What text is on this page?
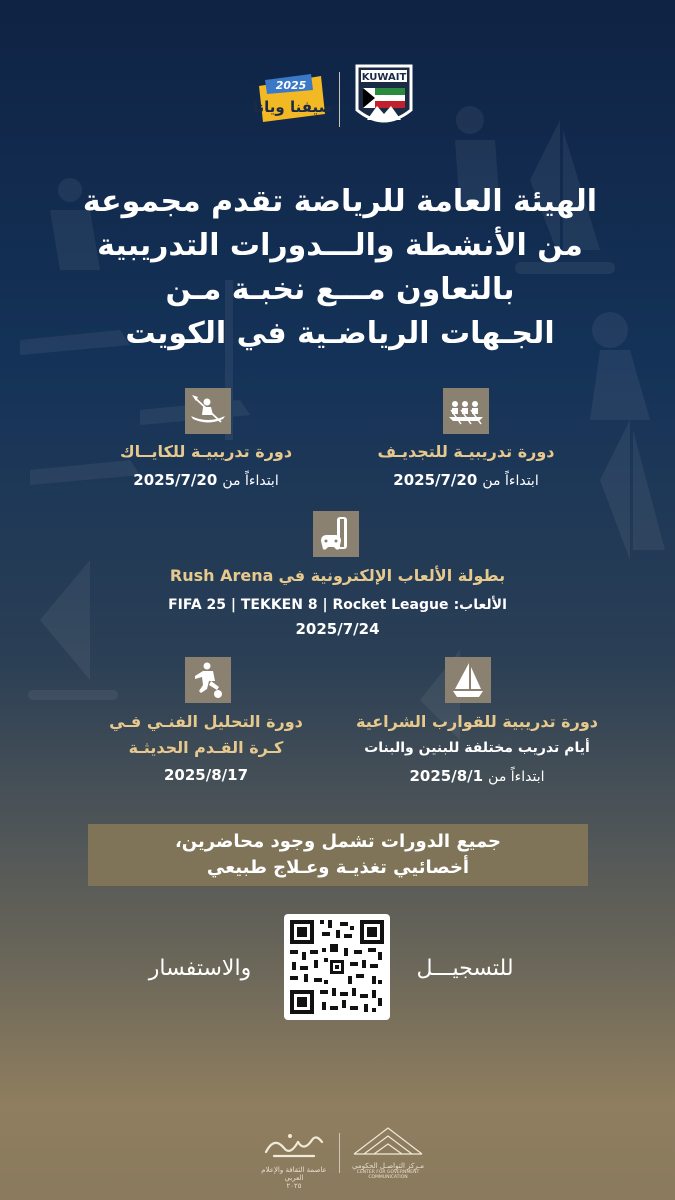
KUWAIT
2025
صيفنا ويانا
الهيئة العامة للرياضة تقدم مجموعة
من الأنشطة والـــدورات التدريبية
بالتعاون مـــع نخبـة مـن
الجـهات الرياضـية في الكويت
دورة تدريبيـة للتجديـف
ابتداءاً من 2025/7/20
دورة تدريبيـة للكايــاك
ابتداءاً من 2025/7/20
بطولة الألعاب الإلكترونية في Rush Arena
الألعاب: FIFA 25 | TEKKEN 8 | Rocket League
2025/7/24
دورة تدريبية للقوارب الشراعية
أيام تدريب مختلفة للبنين والبنات
ابتداءاً من 2025/8/1
دورة التحليل الفنـي فـي
كـرة القـدم الحديثـة
2025/8/17
جميع الدورات تشمل وجود محاضرين،
أخصائيي تغذيـة وعـلاج طبيعي
للتسجيـــل
والاستفسار
عاصمة الثقافة والإعلام العربي
٢٠٢٥
مـركز التواصـل الحكومي
CENTER FOR GOVERNMENT COMMUNICATION
